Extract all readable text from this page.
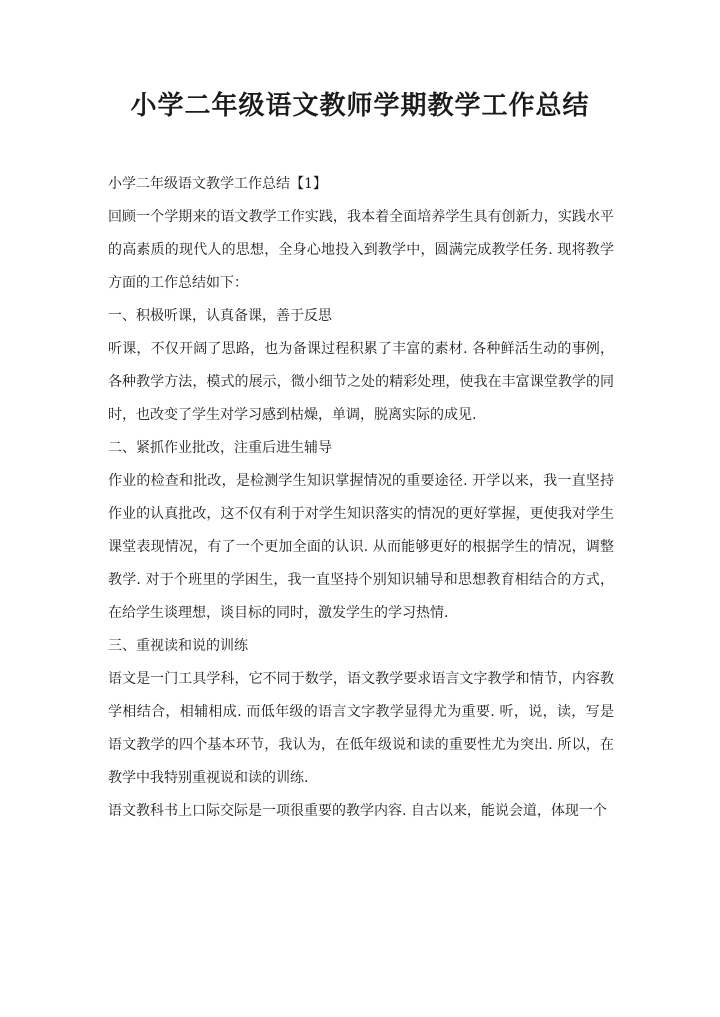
小学二年级语文教师学期教学工作总结

小学二年级语文教学工作总结【1】

回顾一个学期来的语文教学工作实践，我本着全面培养学生具有创新力，实践水平的高素质的现代人的思想，全身心地投入到教学中，圆满完成教学任务. 现将教学方面的工作总结如下：

一、积极听课，认真备课，善于反思

听课，不仅开阔了思路，也为备课过程积累了丰富的素材. 各种鲜活生动的事例，各种教学方法，模式的展示，微小细节之处的精彩处理，使我在丰富课堂教学的同时，也改变了学生对学习感到枯燥，单调，脱离实际的成见.

二、紧抓作业批改，注重后进生辅导

作业的检查和批改，是检测学生知识掌握情况的重要途径. 开学以来，我一直坚持作业的认真批改，这不仅有利于对学生知识落实的情况的更好掌握，更使我对学生课堂表现情况，有了一个更加全面的认识. 从而能够更好的根据学生的情况，调整教学. 对于个班里的学困生，我一直坚持个别知识辅导和思想教育相结合的方式，在给学生谈理想，谈目标的同时，激发学生的学习热情.

三、重视读和说的训练

语文是一门工具学科，它不同于数学，语文教学要求语言文字教学和情节，内容教学相结合，相辅相成. 而低年级的语言文字教学显得尤为重要. 听，说，读，写是语文教学的四个基本环节，我认为，在低年级说和读的重要性尤为突出. 所以，在教学中我特别重视说和读的训练.

语文教科书上口际交际是一项很重要的教学内容. 自古以来，能说会道，体现一个
